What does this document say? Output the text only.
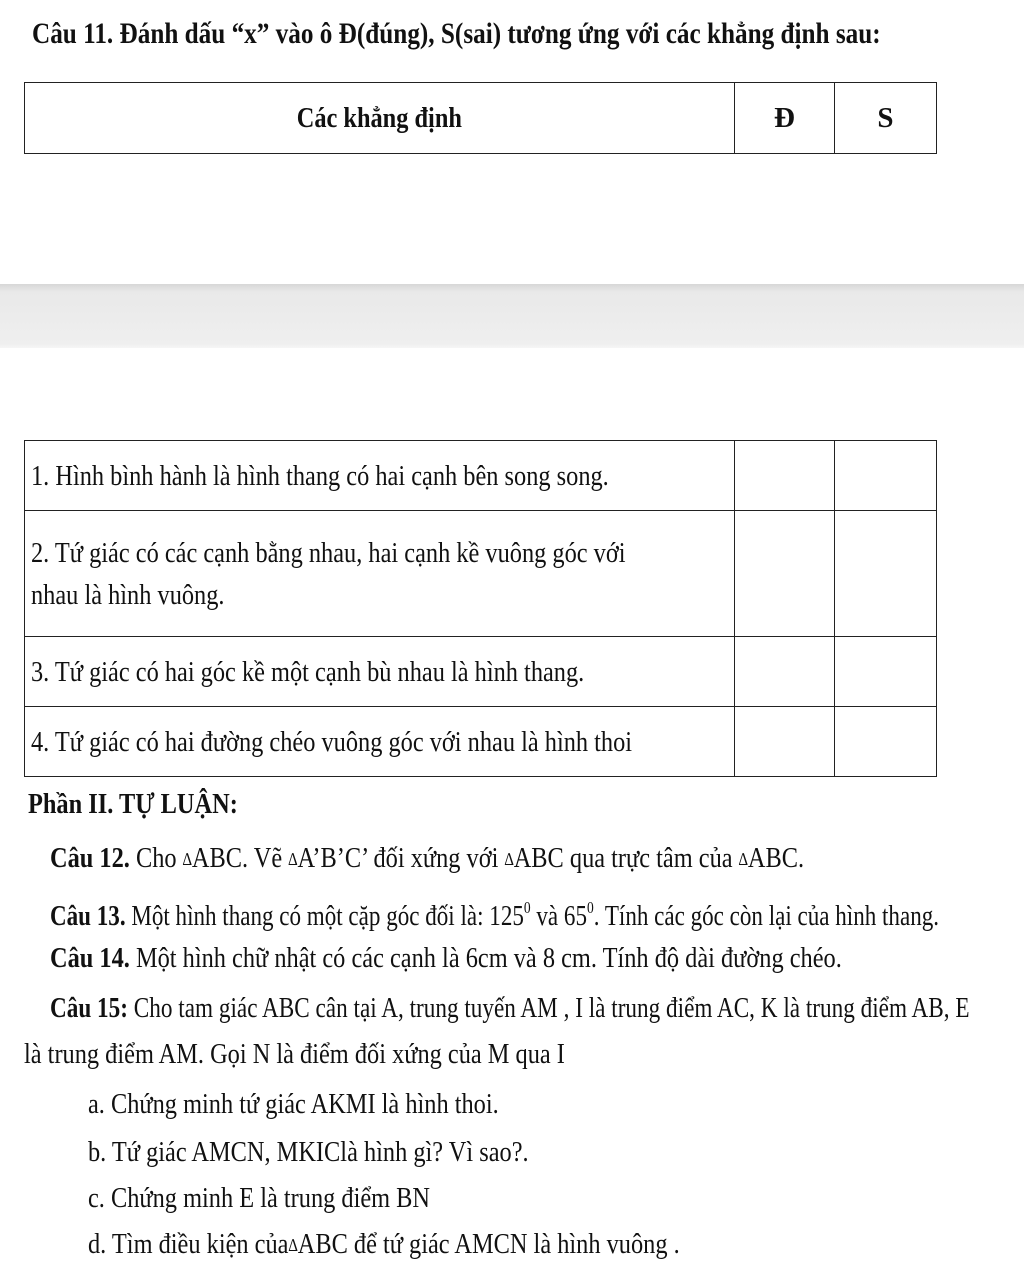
Câu 11. Đánh dấu “x” vào ô Đ(đúng), S(sai) tương ứng với các khẳng định sau:
Các khẳng định	Đ	S
1. Hình bình hành là hình thang có hai cạnh bên song song.		
2. Tứ giác có các cạnh bằng nhau, hai cạnh kề vuông góc với
nhau là hình vuông.		
3. Tứ giác có hai góc kề một cạnh bù nhau là hình thang.		
4. Tứ giác có hai đường chéo vuông góc với nhau là hình thoi		
Phần II. TỰ LUẬN:
Câu 12. Cho ∆ABC. Vẽ ∆A’B’C’ đối xứng với ∆ABC qua trực tâm của ∆ABC.
Câu 13. Một hình thang có một cặp góc đối là: $125^0$ và $65^0$. Tính các góc còn lại của hình thang.
Câu 14. Một hình chữ nhật có các cạnh là 6cm và 8 cm. Tính độ dài đường chéo.
Câu 15: Cho tam giác ABC cân tại A, trung tuyến AM , I là trung điểm AC, K là trung điểm AB, E
là trung điểm AM. Gọi N là điểm đối xứng của M qua I
a. Chứng minh tứ giác AKMI là hình thoi.
b. Tứ giác AMCN, MKIClà hình gì? Vì sao?.
c. Chứng minh E là trung điểm BN
d. Tìm điều kiện của∆ABC để tứ giác AMCN là hình vuông .
